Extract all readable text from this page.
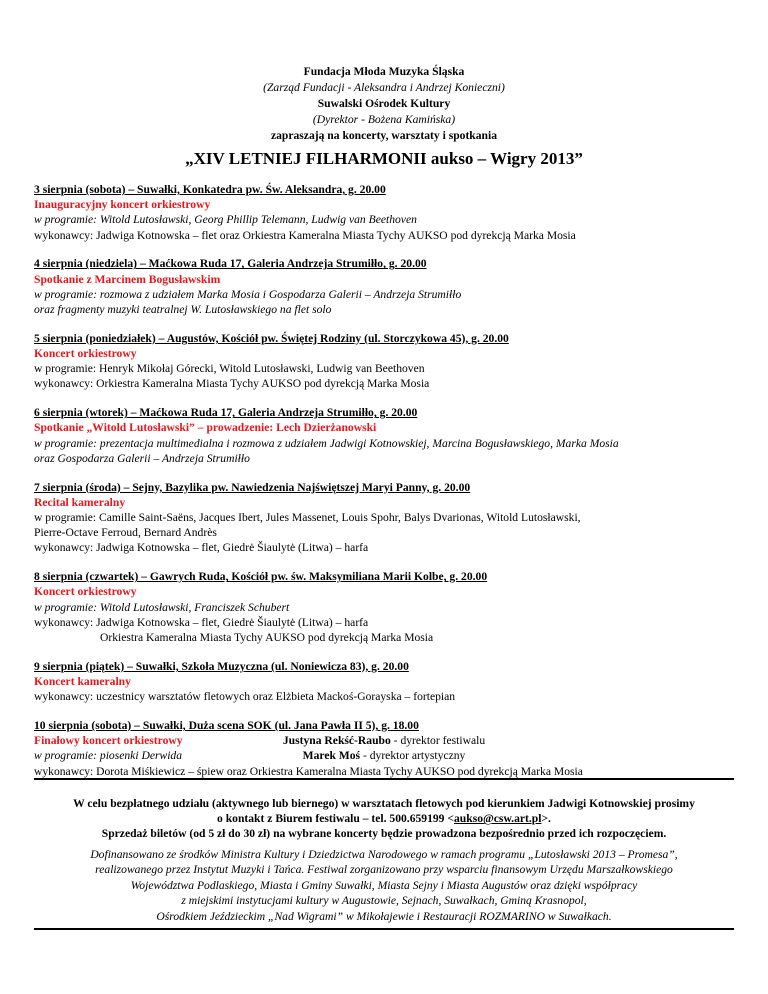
Fundacja Młoda Muzyka Śląska
(Zarząd Fundacji - Aleksandra i Andrzej Konieczni)
Suwalski Ośrodek Kultury
(Dyrektor - Bożena Kamińska)
zapraszają na koncerty, warsztaty i spotkania
„XIV LETNIEJ FILHARMONII aukso – Wigry 2013”
3 sierpnia (sobota) – Suwałki, Konkatedra pw. Św. Aleksandra, g. 20.00
Inauguracyjny koncert orkiestrowy
w programie: Witold Lutosławski, Georg Phillip Telemann, Ludwig van Beethoven
wykonawcy: Jadwiga Kotnowska – flet oraz Orkiestra Kameralna Miasta Tychy AUKSO pod dyrekcją Marka Mosia
4 sierpnia (niedziela) – Maćkowa Ruda 17, Galeria Andrzeja Strumiłło, g. 20.00
Spotkanie z Marcinem Bogusławskim
w programie: rozmowa z udziałem Marka Mosia i Gospodarza Galerii – Andrzeja Strumiłło
oraz fragmenty muzyki teatralnej W. Lutosławskiego na flet solo
5 sierpnia (poniedziałek) – Augustów, Kościół pw. Świętej Rodziny (ul. Storczykowa 45), g. 20.00
Koncert orkiestrowy
w programie: Henryk Mikołaj Górecki, Witold Lutosławski, Ludwig van Beethoven
wykonawcy: Orkiestra Kameralna Miasta Tychy AUKSO pod dyrekcją Marka Mosia
6 sierpnia (wtorek) – Maćkowa Ruda 17, Galeria Andrzeja Strumiłło, g. 20.00
Spotkanie „Witold Lutosławski” – prowadzenie: Lech Dzierżanowski
w programie: prezentacja multimedialna i rozmowa z udziałem Jadwigi Kotnowskiej, Marcina Bogusławskiego, Marka Mosia
oraz Gospodarza Galerii – Andrzeja Strumiłło
7 sierpnia (środa) – Sejny, Bazylika pw. Nawiedzenia Najświętszej Maryi Panny, g. 20.00
Recital kameralny
w programie: Camille Saint-Saëns, Jacques Ibert, Jules Massenet, Louis Spohr, Balys Dvarionas, Witold Lutosławski,
Pierre-Octave Ferroud, Bernard Andrès
wykonawcy: Jadwiga Kotnowska – flet, Giedrė Šiaulytė (Litwa) – harfa
8 sierpnia (czwartek) – Gawrych Ruda, Kościół pw. św. Maksymiliana Marii Kolbe, g. 20.00
Koncert orkiestrowy
w programie: Witold Lutosławski, Franciszek Schubert
wykonawcy: Jadwiga Kotnowska – flet, Giedrė Šiaulytė (Litwa) – harfa
Orkiestra Kameralna Miasta Tychy AUKSO pod dyrekcją Marka Mosia
9 sierpnia (piątek) – Suwałki, Szkoła Muzyczna (ul. Noniewicza 83), g. 20.00
Koncert kameralny
wykonawcy: uczestnicy warsztatów fletowych oraz Elżbieta Mackoś-Gorayska – fortepian
10 sierpnia (sobota) – Suwałki, Duża scena SOK (ul. Jana Pawła II 5), g. 18.00
Finałowy koncert orkiestrowy
w programie: piosenki Derwida
wykonawcy: Dorota Miśkiewicz – śpiew oraz Orkiestra Kameralna Miasta Tychy AUKSO pod dyrekcją Marka Mosia
Justyna Rekść-Raubo - dyrektor festiwalu
Marek Moś - dyrektor artystyczny
W celu bezpłatnego udziału (aktywnego lub biernego) w warsztatach fletowych pod kierunkiem Jadwigi Kotnowskiej prosimy
o kontakt z Biurem festiwalu – tel. 500.659199 <aukso@csw.art.pl>.
Sprzedaż biletów (od 5 zł do 30 zł) na wybrane koncerty będzie prowadzona bezpośrednio przed ich rozpoczęciem.
Dofinansowano ze środków Ministra Kultury i Dziedzictwa Narodowego w ramach programu „Lutosławski 2013 – Promesa”,
realizowanego przez Instytut Muzyki i Tańca. Festiwal zorganizowano przy wsparciu finansowym Urzędu Marszałkowskiego
Województwa Podlaskiego, Miasta i Gminy Suwałki, Miasta Sejny i Miasta Augustów oraz dzięki współpracy
z miejskimi instytucjami kultury w Augustowie, Sejnach, Suwałkach, Gminą Krasnopol,
Ośrodkiem Jeździeckim „Nad Wigrami” w Mikołajewie i Restauracji ROZMARINO w Suwałkach.
